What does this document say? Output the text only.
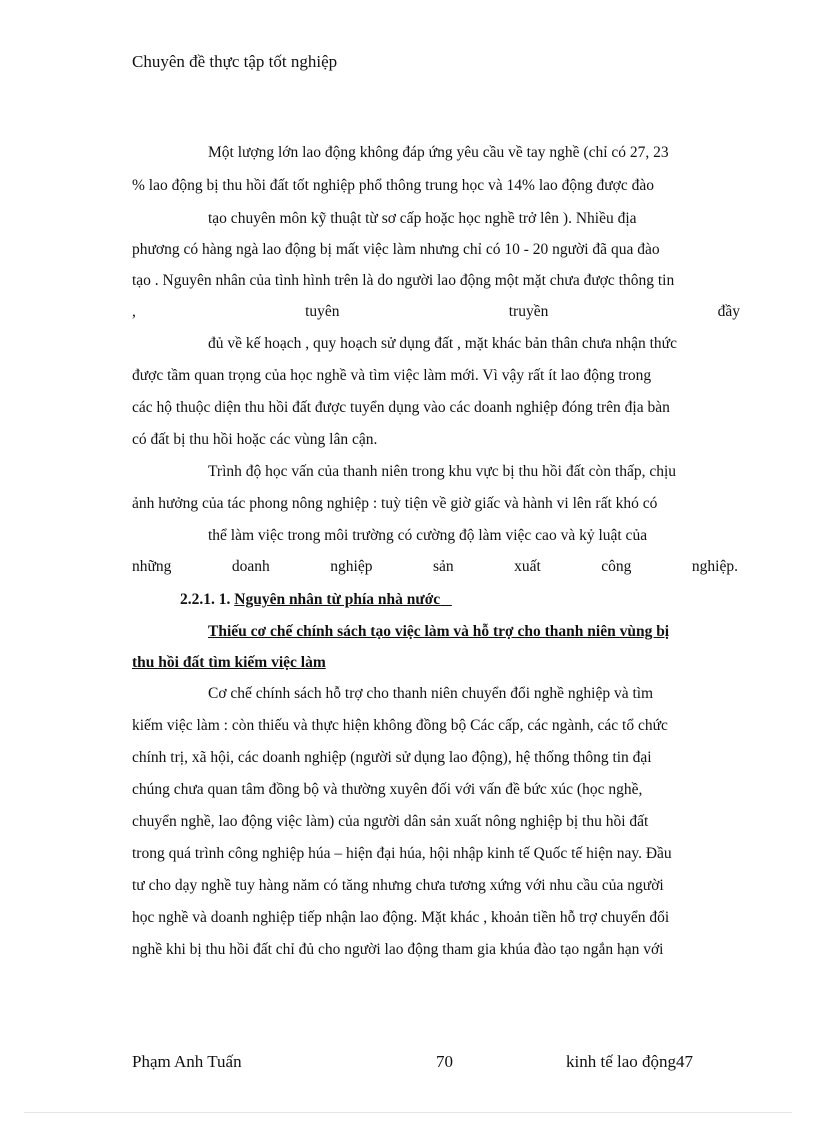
Chuyên đề thực tập tốt nghiệp
Một lượng lớn lao động không đáp ứng yêu cầu về tay nghề (chỉ có 27, 23
% lao động bị thu hồi đất tốt nghiệp phổ thông trung học và 14% lao động được đào
tạo chuyên môn kỹ thuật từ sơ cấp hoặc học nghề trở lên ). Nhiều địa
phương có hàng ngà lao động bị mất việc làm nhưng chỉ có 10 - 20 người đã qua đào
tạo . Nguyên nhân của tình hình trên là do người lao động một mặt chưa được thông tin
,	tuyên	truyền	đầy
đủ về kế hoạch , quy hoạch sử dụng đất , mặt khác bản thân chưa nhận thức
được tầm quan trọng của học nghề và tìm việc làm mới. Vì vậy rất ít lao động trong
các hộ thuộc diện thu hồi đất được tuyển dụng vào các doanh nghiệp đóng trên địa bàn
có đất bị thu hồi hoặc các vùng lân cận.
Trình độ học vấn của thanh niên trong khu vực bị thu hồi đất còn thấp, chịu
ảnh hưởng của tác phong nông nghiệp : tuỳ tiện về giờ giấc và hành vi lên rất khó có
thể làm việc trong môi trường có cường độ làm việc cao và kỷ luật của
những	doanh	nghiệp	sản	xuất	công	nghiệp.
2.2.1. 1. Nguyên nhân từ phía nhà nước
Thiếu cơ chế chính sách tạo việc làm và hỗ trợ cho thanh niên vùng bị
thu hồi đất tìm kiếm việc làm
Cơ chế chính sách hỗ trợ cho thanh niên chuyển đổi nghề nghiệp và tìm
kiếm việc làm : còn thiếu và thực hiện không đồng bộ Các cấp, các ngành, các tổ chức
chính trị, xã hội, các doanh nghiệp (người sử dụng lao động), hệ thống thông tin đại
chúng chưa quan tâm đồng bộ và thường xuyên đối với vấn đề bức xúc (học nghề,
chuyển nghề, lao động việc làm) của người dân sản xuất nông nghiệp bị thu hồi đất
trong quá trình công nghiệp húa – hiện đại húa, hội nhập kinh tế Quốc tế hiện nay. Đầu
tư cho dạy nghề tuy hàng năm có tăng nhưng chưa tương xứng với nhu cầu của người
học nghề và doanh nghiệp tiếp nhận lao động. Mặt khác , khoản tiền hỗ trợ chuyển đổi
nghề khi bị thu hồi đất chỉ đủ cho người lao động tham gia khúa đào tạo ngắn hạn với
Phạm Anh Tuấn	70	kinh tế lao động47
